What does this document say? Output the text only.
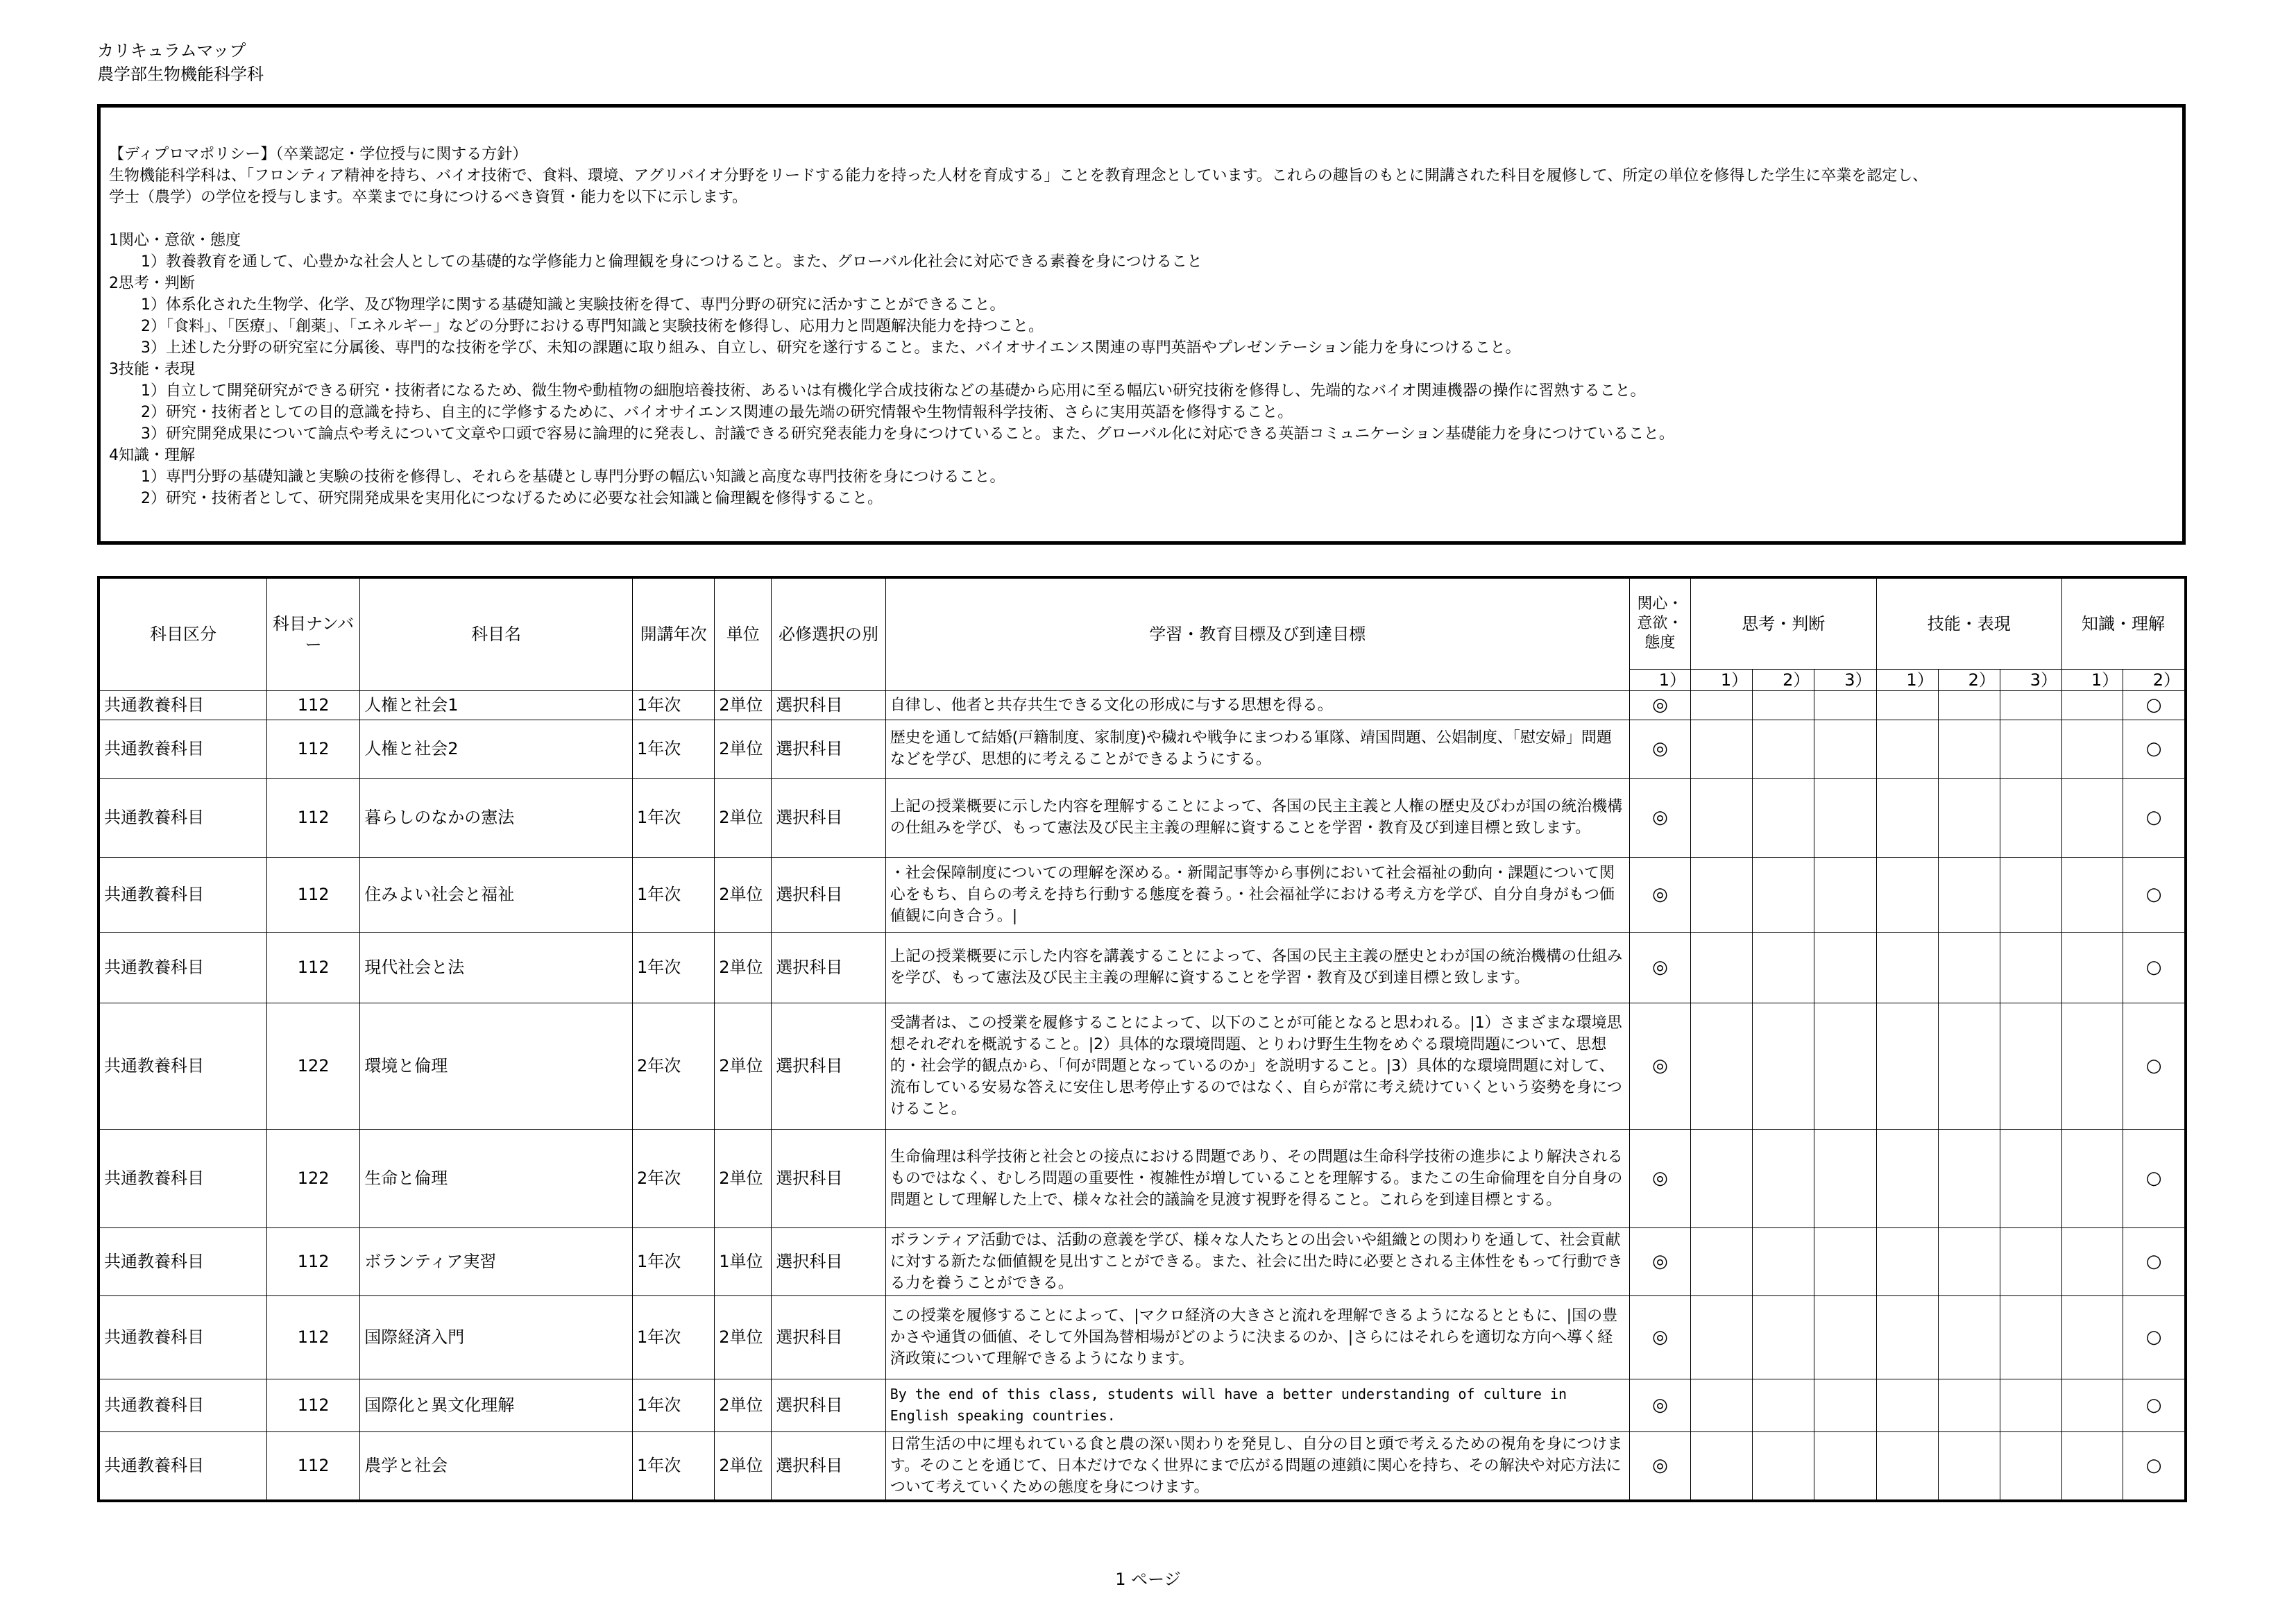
カリキュラムマップ
農学部生物機能科学科
【ディプロマポリシー】（卒業認定・学位授与に関する方針）
生物機能科学科は、「フロンティア精神を持ち、バイオ技術で、食料、環境、アグリバイオ分野をリードする能力を持った人材を育成する」ことを教育理念としています。これらの趣旨のもとに開講された科目を履修して、所定の単位を修得した学生に卒業を認定し、
学士（農学）の学位を授与します。卒業までに身につけるべき資質・能力を以下に示します。
1関心・意欲・態度
1）教養教育を通して、心豊かな社会人としての基礎的な学修能力と倫理観を身につけること。また、グローバル化社会に対応できる素養を身につけること
2思考・判断
1）体系化された生物学、化学、及び物理学に関する基礎知識と実験技術を得て、専門分野の研究に活かすことができること。
2）「食料」、「医療」、「創薬」、「エネルギー」などの分野における専門知識と実験技術を修得し、応用力と問題解決能力を持つこと。
3）上述した分野の研究室に分属後、専門的な技術を学び、未知の課題に取り組み、自立し、研究を遂行すること。また、バイオサイエンス関連の専門英語やプレゼンテーション能力を身につけること。
3技能・表現
1）自立して開発研究ができる研究・技術者になるため、微生物や動植物の細胞培養技術、あるいは有機化学合成技術などの基礎から応用に至る幅広い研究技術を修得し、先端的なバイオ関連機器の操作に習熟すること。
2）研究・技術者としての目的意識を持ち、自主的に学修するために、バイオサイエンス関連の最先端の研究情報や生物情報科学技術、さらに実用英語を修得すること。
3）研究開発成果について論点や考えについて文章や口頭で容易に論理的に発表し、討議できる研究発表能力を身につけていること。また、グローバル化に対応できる英語コミュニケーション基礎能力を身につけていること。
4知識・理解
1）専門分野の基礎知識と実験の技術を修得し、それらを基礎とし専門分野の幅広い知識と高度な専門技術を身につけること。
2）研究・技術者として、研究開発成果を実用化につなげるために必要な社会知識と倫理観を修得すること。
科目区分	科目ナンバー	科目名	開講年次	単位	必修選択の別	学習・教育目標及び到達目標	関心・意欲・態度	思考・判断			技能・表現			知識・理解	
							1）	1）	2）	3）	1）	2）	3）	1）	2）
共通教養科目	112	人権と社会1	1年次	2単位	選択科目	自律し、他者と共存共生できる文化の形成に与する思想を得る。	◎								○
共通教養科目	112	人権と社会2	1年次	2単位	選択科目	歴史を通して結婚(戸籍制度、家制度)や穢れや戦争にまつわる軍隊、靖国問題、公娼制度、「慰安婦」問題などを学び、思想的に考えることができるようにする。	◎								○
共通教養科目	112	暮らしのなかの憲法	1年次	2単位	選択科目	上記の授業概要に示した内容を理解することによって、各国の民主主義と人権の歴史及びわが国の統治機構の仕組みを学び、もって憲法及び民主主義の理解に資することを学習・教育及び到達目標と致します。	◎								○
共通教養科目	112	住みよい社会と福祉	1年次	2単位	選択科目	・社会保障制度についての理解を深める。・新聞記事等から事例において社会福祉の動向・課題について関心をもち、自らの考えを持ち行動する態度を養う。・社会福祉学における考え方を学び、自分自身がもつ価値観に向き合う。|	◎								○
共通教養科目	112	現代社会と法	1年次	2単位	選択科目	上記の授業概要に示した内容を講義することによって、各国の民主主義の歴史とわが国の統治機構の仕組みを学び、もって憲法及び民主主義の理解に資することを学習・教育及び到達目標と致します。	◎								○
共通教養科目	122	環境と倫理	2年次	2単位	選択科目	受講者は、この授業を履修することによって、以下のことが可能となると思われる。|1）さまざまな環境思想それぞれを概説すること。|2）具体的な環境問題、とりわけ野生生物をめぐる環境問題について、思想的・社会学的観点から、「何が問題となっているのか」を説明すること。|3）具体的な環境問題に対して、流布している安易な答えに安住し思考停止するのではなく、自らが常に考え続けていくという姿勢を身につけること。	◎								○
共通教養科目	122	生命と倫理	2年次	2単位	選択科目	生命倫理は科学技術と社会との接点における問題であり、その問題は生命科学技術の進歩により解決されるものではなく、むしろ問題の重要性・複雑性が増していることを理解する。またこの生命倫理を自分自身の問題として理解した上で、様々な社会的議論を見渡す視野を得ること。これらを到達目標とする。	◎								○
共通教養科目	112	ボランティア実習	1年次	1単位	選択科目	ボランティア活動では、活動の意義を学び、様々な人たちとの出会いや組織との関わりを通して、社会貢献に対する新たな価値観を見出すことができる。また、社会に出た時に必要とされる主体性をもって行動できる力を養うことができる。	◎								○
共通教養科目	112	国際経済入門	1年次	2単位	選択科目	この授業を履修することによって、|マクロ経済の大きさと流れを理解できるようになるとともに、|国の豊かさや通貨の価値、そして外国為替相場がどのように決まるのか、|さらにはそれらを適切な方向へ導く経済政策について理解できるようになります。	◎								○
共通教養科目	112	国際化と異文化理解	1年次	2単位	選択科目	By the end of this class, students will have a better understanding of culture in English speaking countries.	◎								○
共通教養科目	112	農学と社会	1年次	2単位	選択科目	日常生活の中に埋もれている食と農の深い関わりを発見し、自分の目と頭で考えるための視角を身につけます。そのことを通じて、日本だけでなく世界にまで広がる問題の連鎖に関心を持ち、その解決や対応方法について考えていくための態度を身につけます。	◎								○
1 ページ
